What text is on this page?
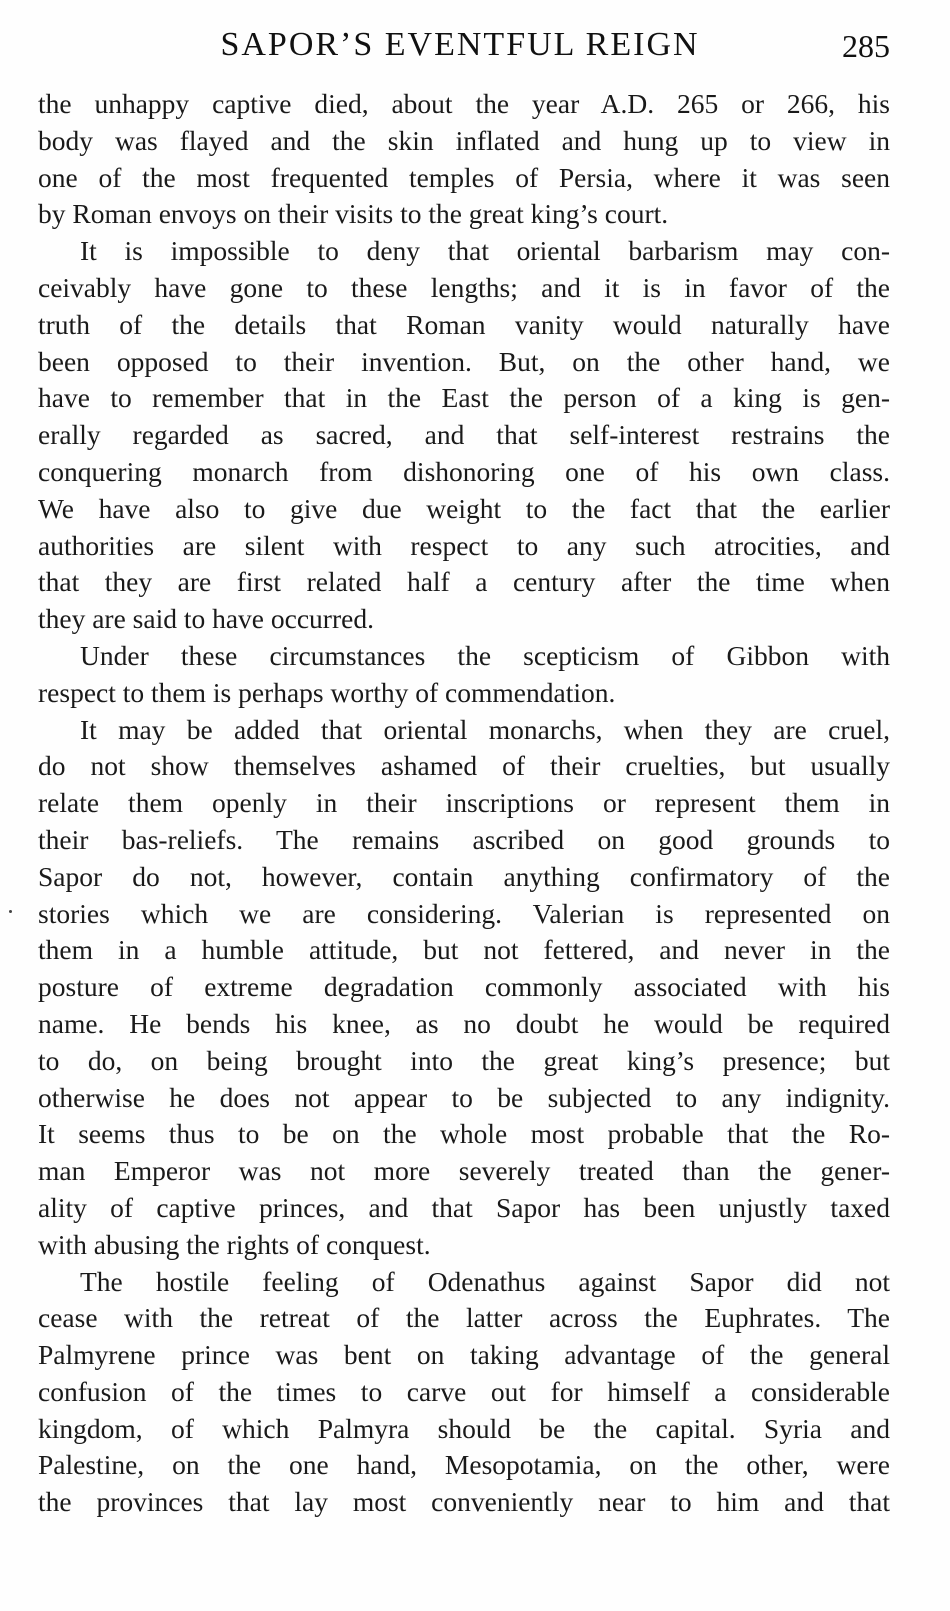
SAPOR’S EVENTFUL REIGN	285
the unhappy captive died, about the year A.D. 265 or 266, his
body was flayed and the skin inflated and hung up to view in
one of the most frequented temples of Persia, where it was seen
by Roman envoys on their visits to the great king’s court.
It is impossible to deny that oriental barbarism may con-
ceivably have gone to these lengths; and it is in favor of the
truth of the details that Roman vanity would naturally have
been opposed to their invention. But, on the other hand, we
have to remember that in the East the person of a king is gen-
erally regarded as sacred, and that self-interest restrains the
conquering monarch from dishonoring one of his own class.
We have also to give due weight to the fact that the earlier
authorities are silent with respect to any such atrocities, and
that they are first related half a century after the time when
they are said to have occurred.
Under these circumstances the scepticism of Gibbon with
respect to them is perhaps worthy of commendation.
It may be added that oriental monarchs, when they are cruel,
do not show themselves ashamed of their cruelties, but usually
relate them openly in their inscriptions or represent them in
their bas-reliefs. The remains ascribed on good grounds to
Sapor do not, however, contain anything confirmatory of the
stories which we are considering. Valerian is represented on
them in a humble attitude, but not fettered, and never in the
posture of extreme degradation commonly associated with his
name. He bends his knee, as no doubt he would be required
to do, on being brought into the great king’s presence; but
otherwise he does not appear to be subjected to any indignity.
It seems thus to be on the whole most probable that the Ro-
man Emperor was not more severely treated than the gener-
ality of captive princes, and that Sapor has been unjustly taxed
with abusing the rights of conquest.
The hostile feeling of Odenathus against Sapor did not
cease with the retreat of the latter across the Euphrates. The
Palmyrene prince was bent on taking advantage of the general
confusion of the times to carve out for himself a considerable
kingdom, of which Palmyra should be the capital. Syria and
Palestine, on the one hand, Mesopotamia, on the other, were
the provinces that lay most conveniently near to him and that
